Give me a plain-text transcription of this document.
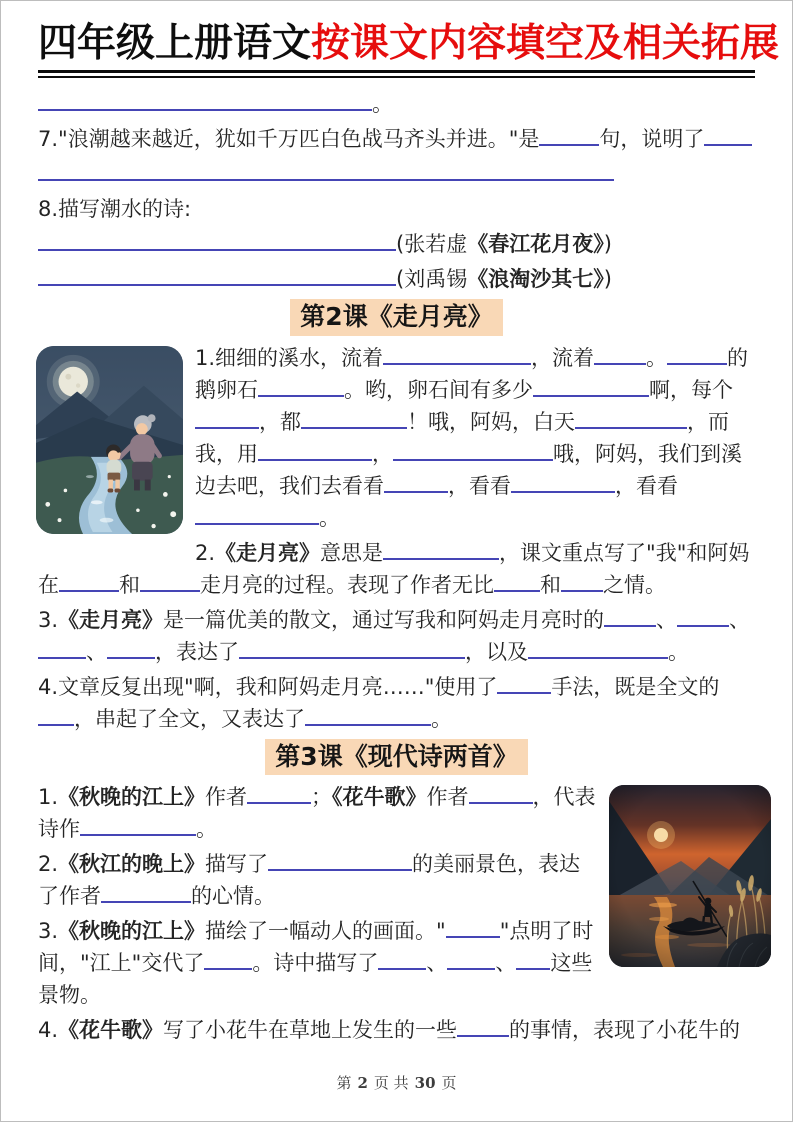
四年级上册语文按课文内容填空及相关拓展

。

7."浪潮越来越近，犹如千万匹白色战马齐头并进。"是	句，说明了

8.描写潮水的诗:

(张若虚《春江花月夜》)

(刘禹锡《浪淘沙其七》)

第2课《走月亮》

1.细细的溪水，流着	，流着 。	的鹅卵石	。哟，卵石间有多少	啊，每个，都	！哦，阿妈，白天	，而我，用	，	哦，阿妈，我们到溪边去吧，我们去看看	，看看	，看看。

2.《走月亮》意思是	，课文重点写了"我"和阿妈在	和	走月亮的过程。表现了作者无比 和 之情。

3.《走月亮》是一篇优美的散文，通过写我和阿妈走月亮时的 、 、、 ，表达了	，以及	。

4.文章反复出现"啊，我和阿妈走月亮……"使用了	手法，既是全文的，串起了全文，又表达了	。

第3课《现代诗两首》

1.《秋晚的江上》作者	；《花牛歌》作者	，代表诗作	。

2.《秋江的晚上》描写了	的美丽景色，表达了作者	的心情。

3.《秋晚的江上》描绘了一幅动人的画面。"	"点明了时间，"江上"交代了 。诗中描写了 、 、 这些景物。

4.《花牛歌》写了小花牛在草地上发生的一些 的事情，表现了小花牛的

第 2 页 共 30 页
